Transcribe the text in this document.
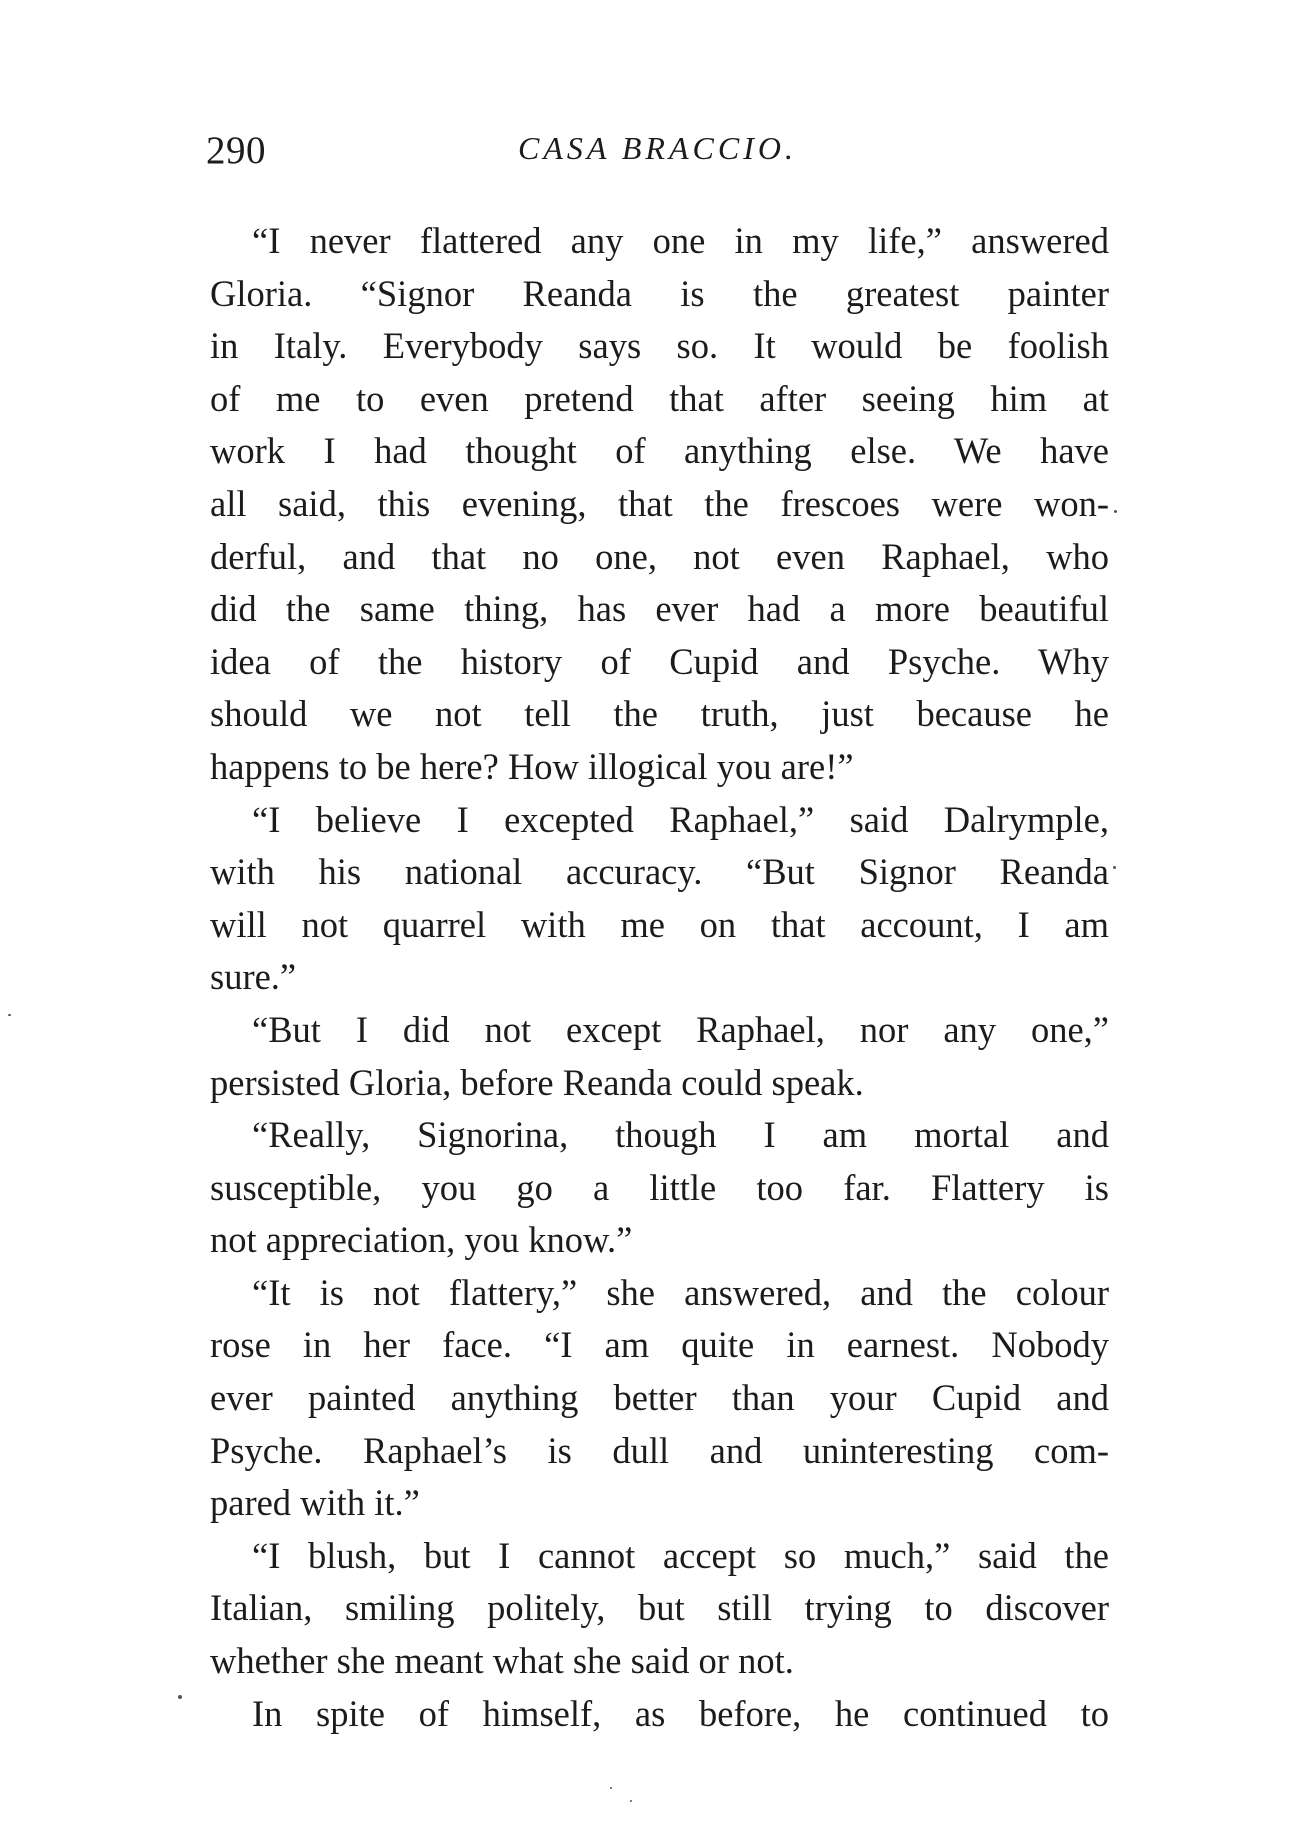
290	CASA BRACCIO.
“I never flattered any one in my life,” answered
Gloria. “Signor Reanda is the greatest painter
in Italy. Everybody says so. It would be foolish
of me to even pretend that after seeing him at
work I had thought of anything else. We have
all said, this evening, that the frescoes were won-
derful, and that no one, not even Raphael, who
did the same thing, has ever had a more beautiful
idea of the history of Cupid and Psyche. Why
should we not tell the truth, just because he
happens to be here? How illogical you are!”
“I believe I excepted Raphael,” said Dalrymple,
with his national accuracy. “But Signor Reanda
will not quarrel with me on that account, I am
sure.”
“But I did not except Raphael, nor any one,”
persisted Gloria, before Reanda could speak.
“Really, Signorina, though I am mortal and
susceptible, you go a little too far. Flattery is
not appreciation, you know.”
“It is not flattery,” she answered, and the colour
rose in her face. “I am quite in earnest. Nobody
ever painted anything better than your Cupid and
Psyche. Raphael’s is dull and uninteresting com-
pared with it.”
“I blush, but I cannot accept so much,” said the
Italian, smiling politely, but still trying to discover
whether she meant what she said or not.
In spite of himself, as before, he continued to
